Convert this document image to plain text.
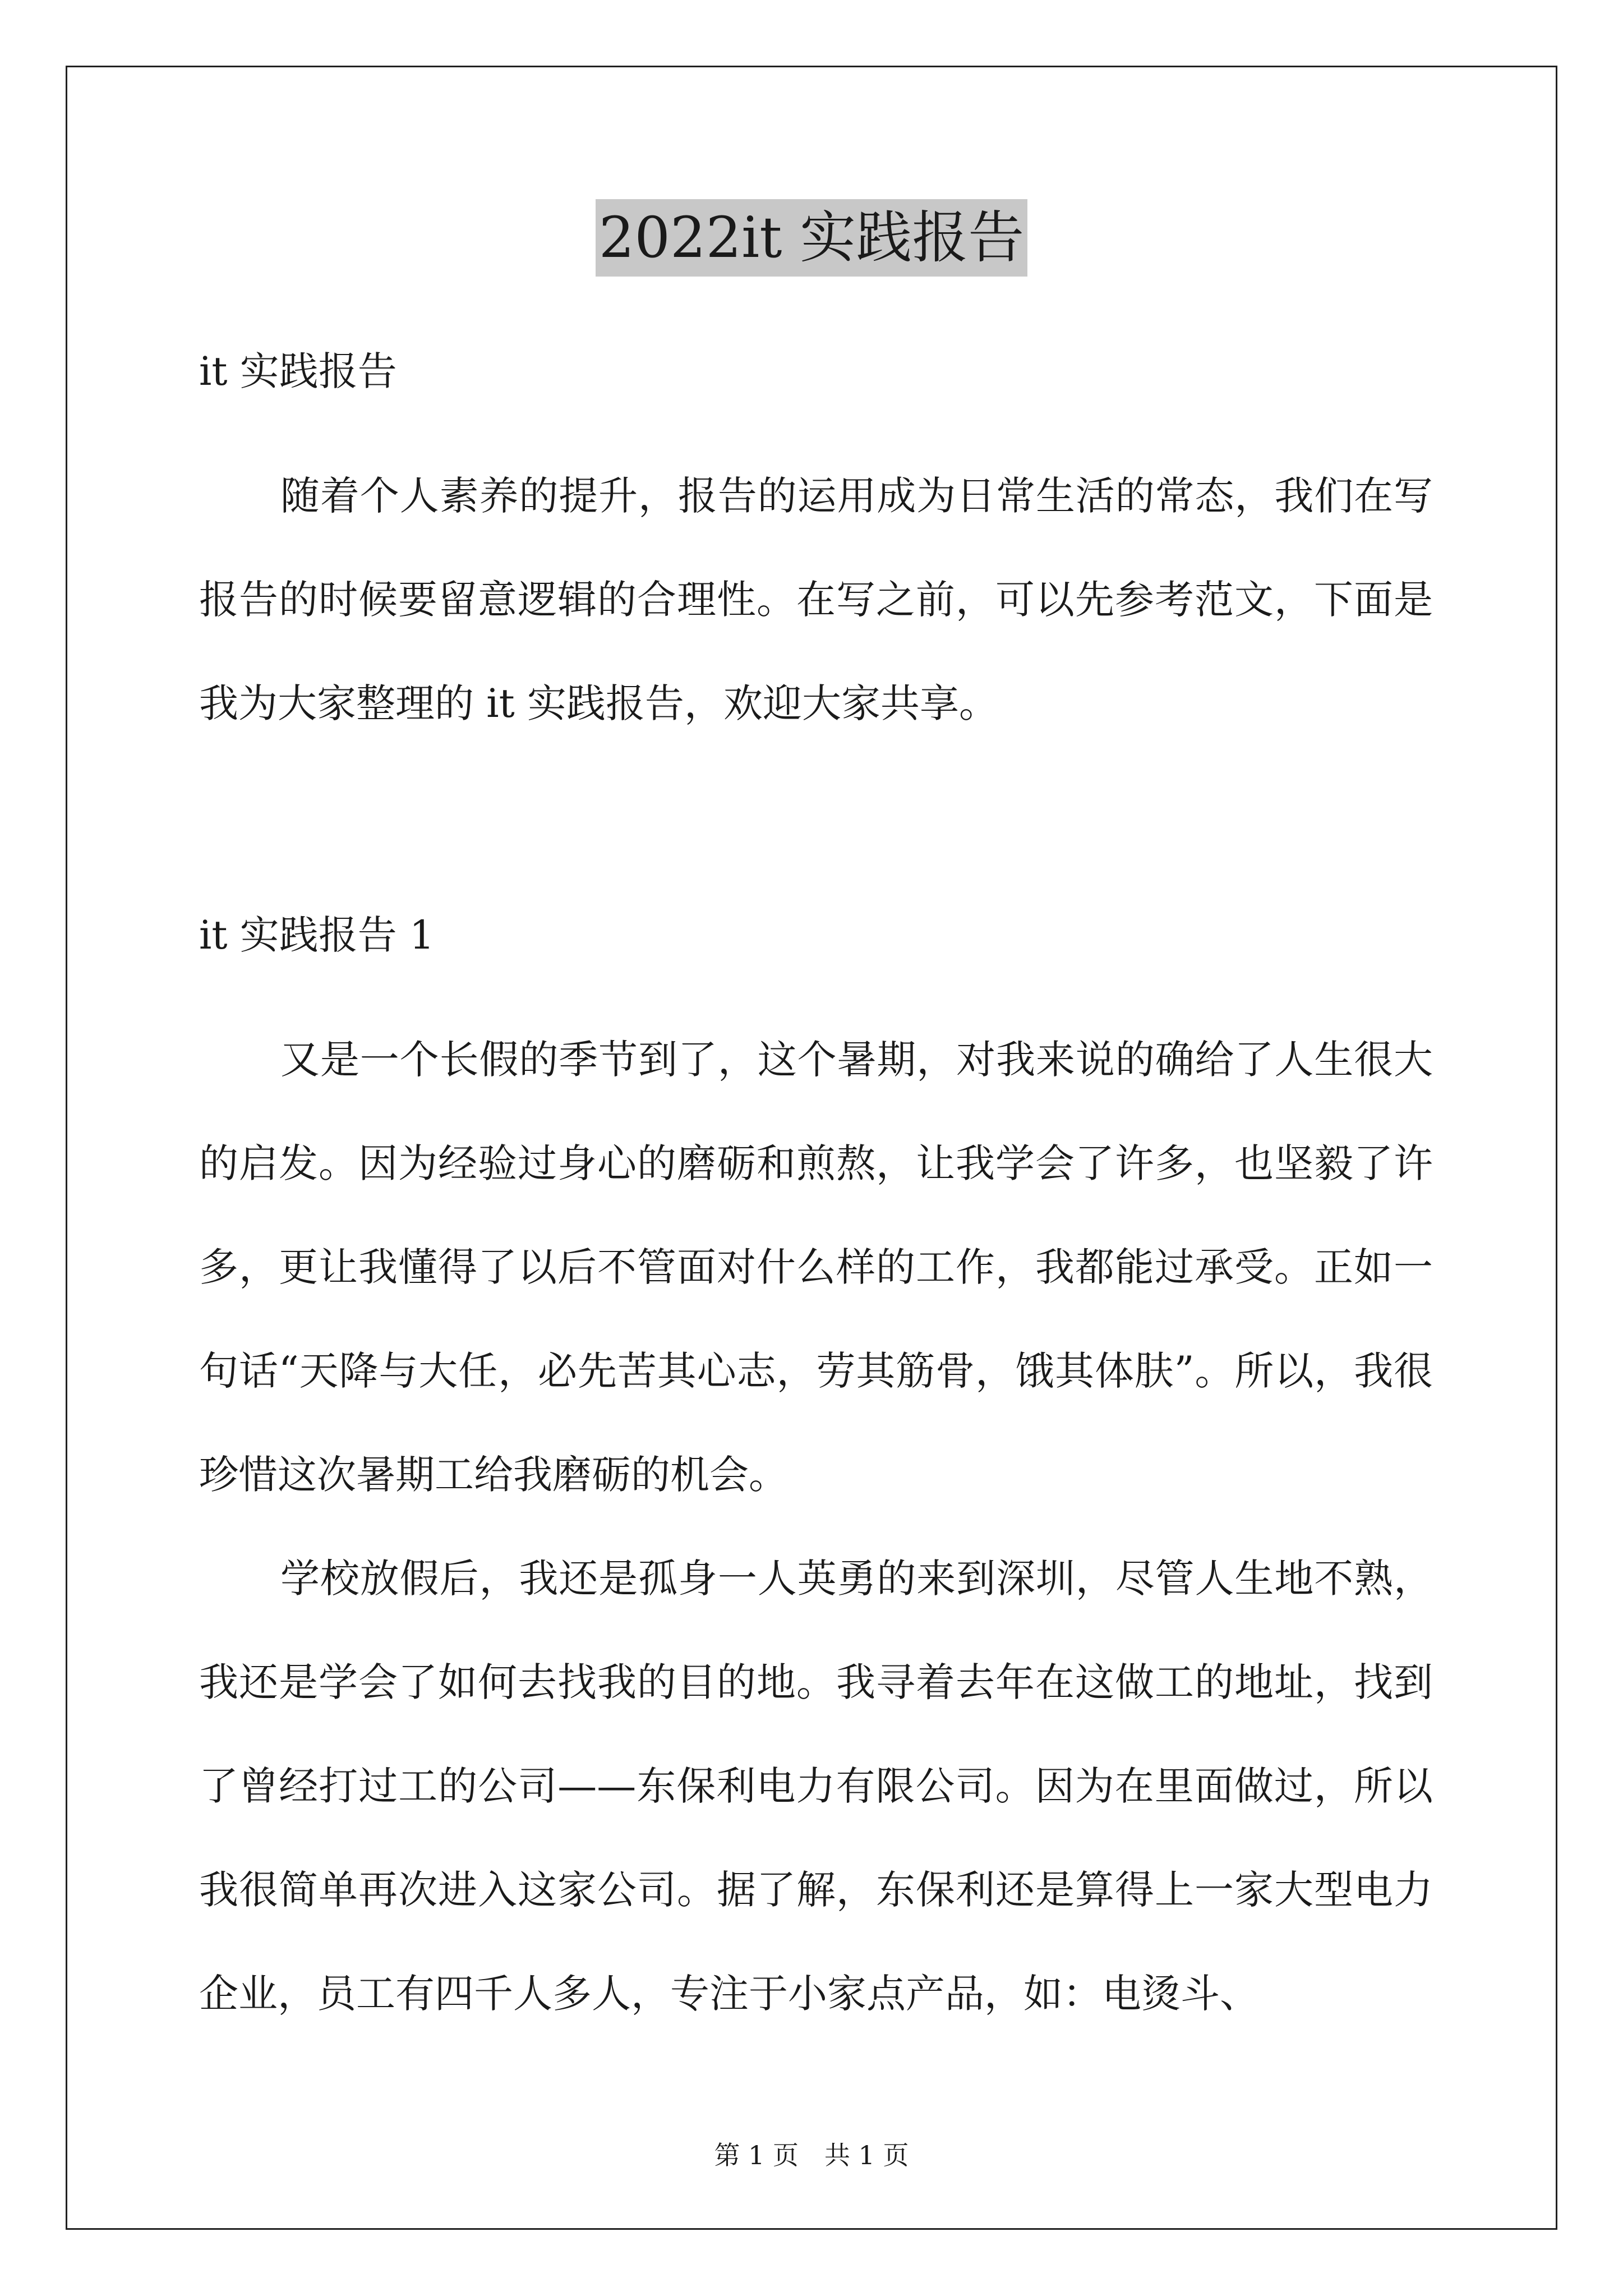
2022it 实践报告

it 实践报告

随着个人素养的提升，报告的运用成为日常生活的常态，我们在写报告的时候要留意逻辑的合理性。在写之前，可以先参考范文，下面是我为大家整理的 it 实践报告，欢迎大家共享。

it 实践报告 1

又是一个长假的季节到了，这个暑期，对我来说的确给了人生很大的启发。因为经验过身心的磨砺和煎熬，让我学会了许多，也坚毅了许多，更让我懂得了以后不管面对什么样的工作，我都能过承受。正如一句话“天降与大任，必先苦其心志，劳其筋骨，饿其体肤”。所以，我很珍惜这次暑期工给我磨砺的机会。

学校放假后，我还是孤身一人英勇的来到深圳，尽管人生地不熟，我还是学会了如何去找我的目的地。我寻着去年在这做工的地址，找到了曾经打过工的公司——东保利电力有限公司。因为在里面做过，所以我很简单再次进入这家公司。据了解，东保利还是算得上一家大型电力企业，员工有四千人多人，专注于小家点产品，如：电烫斗、

第 1 页　共 1 页
